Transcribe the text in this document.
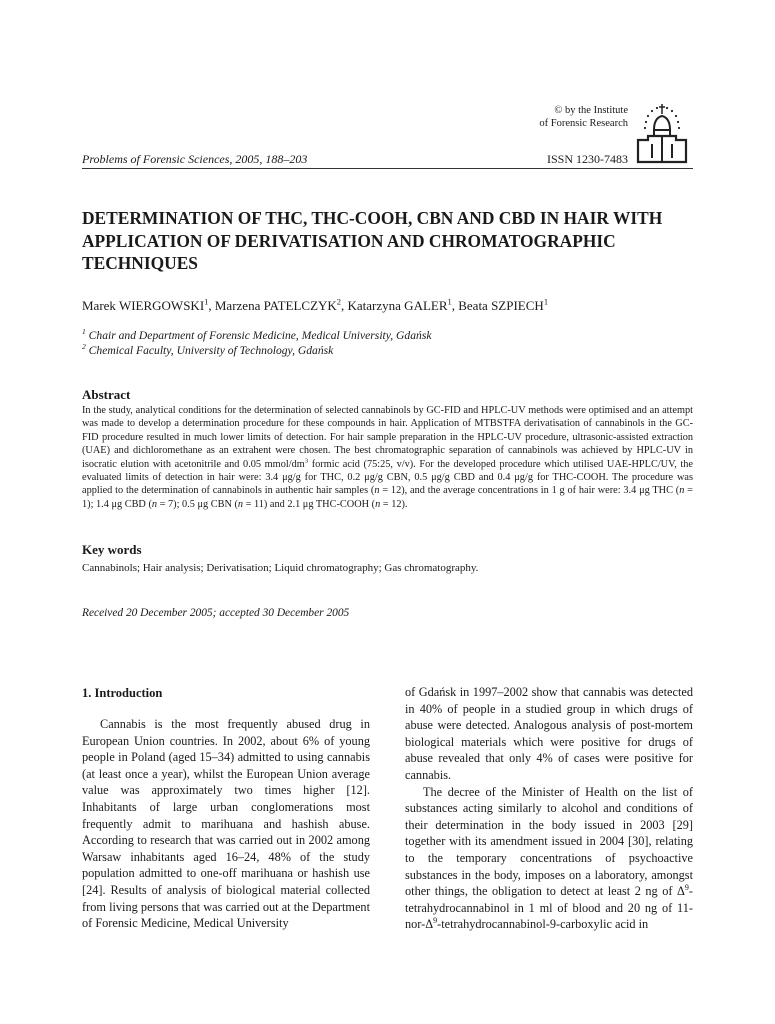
© by the Institute
of Forensic Research
Problems of Forensic Sciences, 2005, 188–203	ISSN 1230-7483
DETERMINATION OF THC, THC-COOH, CBN AND CBD IN HAIR WITH APPLICATION OF DERIVATISATION AND CHROMATOGRAPHIC TECHNIQUES
Marek WIERGOWSKI$^1$, Marzena PATELCZYK$^2$, Katarzyna GALER$^1$, Beata SZPIECH$^1$
$^1$ Chair and Department of Forensic Medicine, Medical University, Gdańsk
$^2$ Chemical Faculty, University of Technology, Gdańsk
Abstract
In the study, analytical conditions for the determination of selected cannabinols by GC-FID and HPLC-UV methods were optimised and an attempt was made to develop a determination procedure for these compounds in hair. Application of MTBSTFA derivatisation of cannabinols in the GC-FID procedure resulted in much lower limits of detection. For hair sample preparation in the HPLC-UV procedure, ultrasonic-assisted extraction (UAE) and dichloromethane as an extrahent were chosen. The best chromatographic separation of cannabinols was achieved by HPLC-UV in isocratic elution with acetonitrile and 0.05 mmol/$dm^3$ formic acid (75:25, v/v). For the developed procedure which utilised UAE-HPLC/UV, the evaluated limits of detection in hair were: 3.4 μg/g for THC, 0.2 μg/g CBN, 0.5 μg/g CBD and 0.4 μg/g for THC-COOH. The procedure was applied to the determination of cannabinols in authentic hair samples (n = 12), and the average concentrations in 1 g of hair were: 3.4 μg THC (n = 1); 1.4 μg CBD (n = 7); 0.5 μg CBN (n = 11) and 2.1 μg THC-COOH (n = 12).
Key words
Cannabinols; Hair analysis; Derivatisation; Liquid chromatography; Gas chromatography.
Received 20 December 2005; accepted 30 December 2005
1. Introduction

Cannabis is the most frequently abused drug in European Union countries. In 2002, about 6% of young people in Poland (aged 15–34) admitted to using cannabis (at least once a year), whilst the European Union average value was approximately two times higher [12]. Inhabitants of large urban conglomerations most frequently admit to marihuana and hashish abuse. According to research that was carried out in 2002 among Warsaw inhabitants aged 16–24, 48% of the study population admitted to one-off marihuana or hashish use [24]. Results of analysis of biological material collected from living persons that was carried out at the Department of Forensic Medicine, Medical University

of Gdańsk in 1997–2002 show that cannabis was detected in 40% of people in a studied group in which drugs of abuse were detected. Analogous analysis of post-mortem biological materials which were positive for drugs of abuse revealed that only 4% of cases were positive for cannabis.

The decree of the Minister of Health on the list of substances acting similarly to alcohol and conditions of their determination in the body issued in 2003 [29] together with its amendment issued in 2004 [30], relating to the temporary concentrations of psychoactive substances in the body, imposes on a laboratory, amongst other things, the obligation to detect at least 2 ng of $\Delta^9$-tetrahydrocannabinol in 1 ml of blood and 20 ng of $11-nor-\Delta^9-tetrahydrocannabinol-9$-carboxylic acid in
